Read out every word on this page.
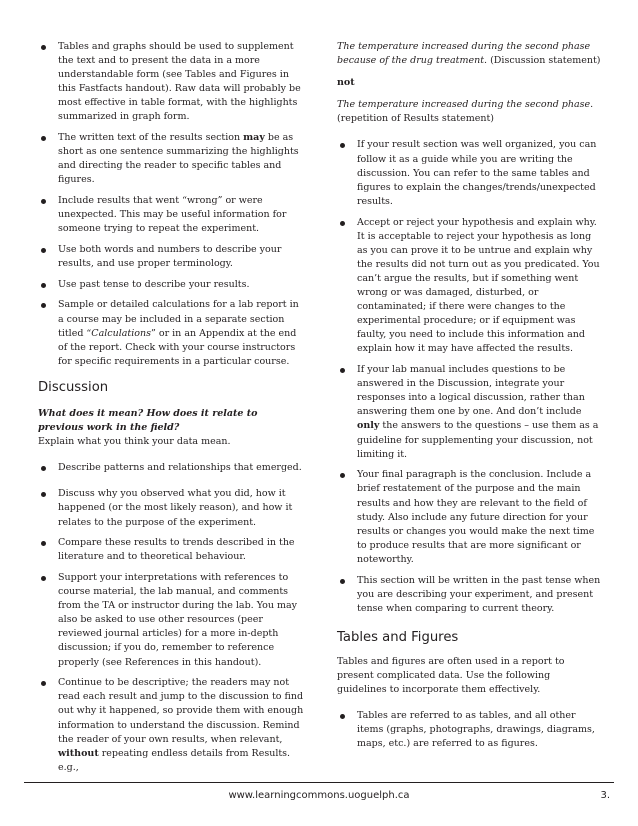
Tables and graphs should be used to supplement the text and to present the data in a more understandable form (see Tables and Figures in this Fastfacts handout). Raw data will probably be most effective in table format, with the highlights summarized in graph form.
The written text of the results section may be as short as one sentence summarizing the highlights and directing the reader to specific tables and figures.
Include results that went “wrong” or were unexpected. This may be useful information for someone trying to repeat the experiment.
Use both words and numbers to describe your results, and use proper terminology.
Use past tense to describe your results.
Sample or detailed calculations for a lab report in a course may be included in a separate section titled “Calculations” or in an Appendix at the end of the report. Check with your course instructors for specific requirements in a particular course.
Discussion

What does it mean? How does it relate to previous work in the field?

Explain what you think your data mean.

Describe patterns and relationships that emerged.
Discuss why you observed what you did, how it happened (or the most likely reason), and how it relates to the purpose of the experiment.
Compare these results to trends described in the literature and to theoretical behaviour.
Support your interpretations with references to course material, the lab manual, and comments from the TA or instructor during the lab. You may also be asked to use other resources (peer reviewed journal articles) for a more in-depth discussion; if you do, remember to reference properly (see References in this handout).
Continue to be descriptive; the readers may not read each result and jump to the discussion to find out why it happened, so provide them with enough information to understand the discussion. Remind the reader of your own results, when relevant, without repeating endless details from Results. e.g.,

The temperature increased during the second phase because of the drug treatment. (Discussion statement)

not

The temperature increased during the second phase. (repetition of Results statement)

If your result section was well organized, you can follow it as a guide while you are writing the discussion. You can refer to the same tables and figures to explain the changes/trends/unexpected results.
Accept or reject your hypothesis and explain why. It is acceptable to reject your hypothesis as long as you can prove it to be untrue and explain why the results did not turn out as you predicated. You can’t argue the results, but if something went wrong or was damaged, disturbed, or contaminated; if there were changes to the experimental procedure; or if equipment was faulty, you need to include this information and explain how it may have affected the results.
If your lab manual includes questions to be answered in the Discussion, integrate your responses into a logical discussion, rather than answering them one by one. And don’t include only the answers to the questions – use them as a guideline for supplementing your discussion, not limiting it.
Your final paragraph is the conclusion. Include a brief restatement of the purpose and the main results and how they are relevant to the field of study. Also include any future direction for your results or changes you would make the next time to produce results that are more significant or noteworthy.
This section will be written in the past tense when you are describing your experiment, and present tense when comparing to current theory.
Tables and Figures

Tables and figures are often used in a report to present complicated data. Use the following guidelines to incorporate them effectively.

Tables are referred to as tables, and all other items (graphs, photographs, drawings, diagrams, maps, etc.) are referred to as figures.
www.learningcommons.uoguelph.ca	3.
